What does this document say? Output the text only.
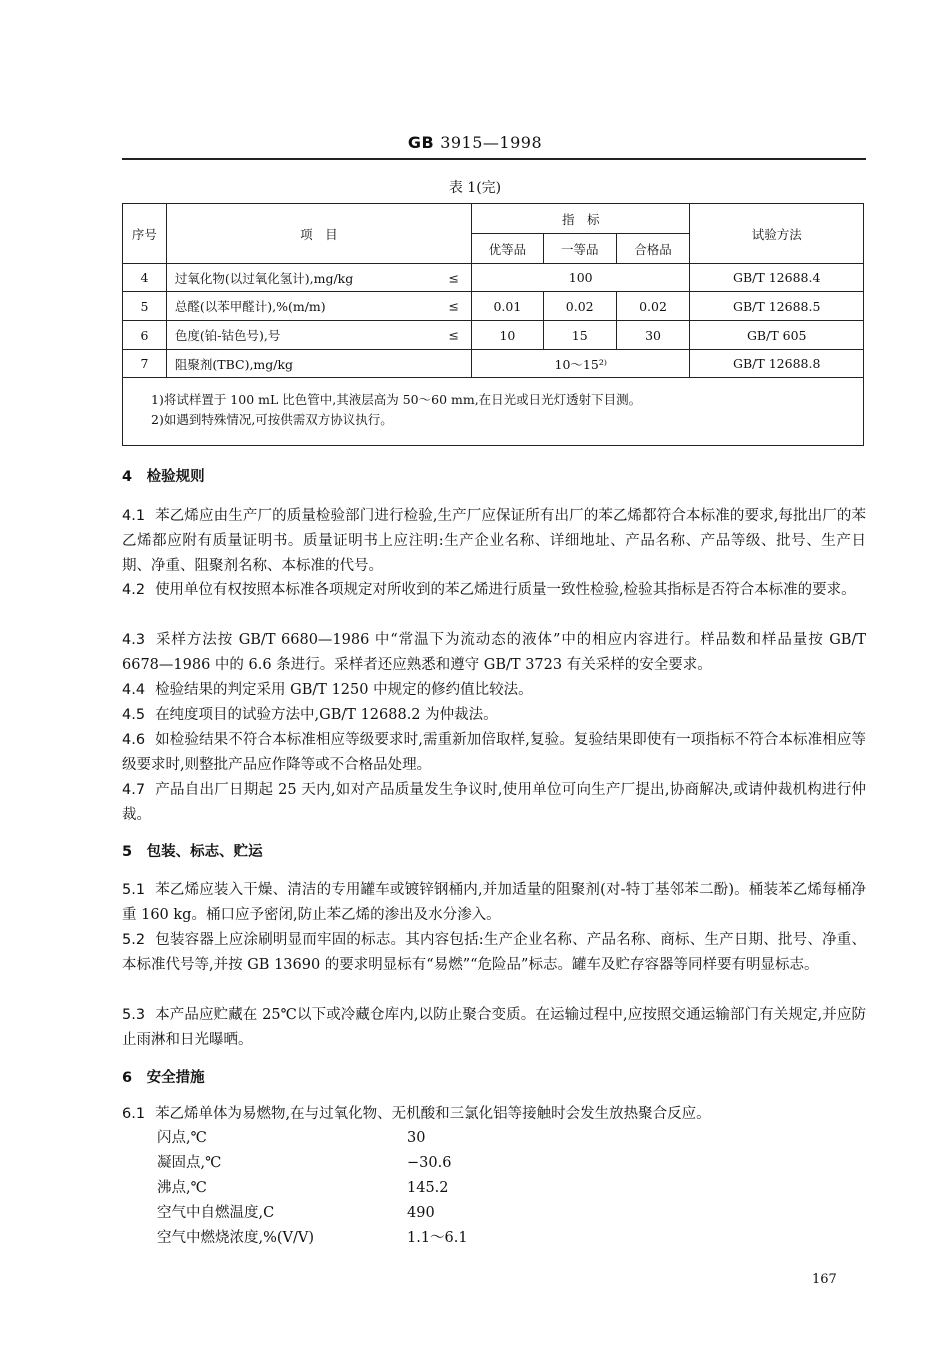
GB 3915—1998
表 1(完)
序号	项　目	指　标			试验方法
		优等品	一等品	合格品	
4	过氧化物(以过氧化氢计),mg/kg ≤	100			GB/T 12688.4
5	总醛(以苯甲醛计),%(m/m) ≤	0.01	0.02	0.02	GB/T 12688.5
6	色度(铂-钴色号),号 ≤	10	15	30	GB/T 605
7	阻聚剂(TBC),mg/kg	10～15²⁾			GB/T 12688.8
1)将试样置于 100 mL 比色管中,其液层高为 50～60 mm,在日光或日光灯透射下目测。
2)如遇到特殊情况,可按供需双方协议执行。
4　检验规则
4.1 苯乙烯应由生产厂的质量检验部门进行检验,生产厂应保证所有出厂的苯乙烯都符合本标准的要求,每批出厂的苯乙烯都应附有质量证明书。质量证明书上应注明:生产企业名称、详细地址、产品名称、产品等级、批号、生产日期、净重、阻聚剂名称、本标准的代号。
4.2 使用单位有权按照本标准各项规定对所收到的苯乙烯进行质量一致性检验,检验其指标是否符合本标准的要求。
4.3 采样方法按 GB/T 6680—1986 中“常温下为流动态的液体”中的相应内容进行。样品数和样品量按 GB/T 6678—1986 中的 6.6 条进行。采样者还应熟悉和遵守 GB/T 3723 有关采样的安全要求。
4.4 检验结果的判定采用 GB/T 1250 中规定的修约值比较法。
4.5 在纯度项目的试验方法中,GB/T 12688.2 为仲裁法。
4.6 如检验结果不符合本标准相应等级要求时,需重新加倍取样,复验。复验结果即使有一项指标不符合本标准相应等级要求时,则整批产品应作降等或不合格品处理。
4.7 产品自出厂日期起 25 天内,如对产品质量发生争议时,使用单位可向生产厂提出,协商解决,或请仲裁机构进行仲裁。
5　包装、标志、贮运
5.1 苯乙烯应装入干燥、清洁的专用罐车或镀锌钢桶内,并加适量的阻聚剂(对-特丁基邻苯二酚)。桶装苯乙烯每桶净重 160 kg。桶口应予密闭,防止苯乙烯的渗出及水分渗入。
5.2 包装容器上应涂刷明显而牢固的标志。其内容包括:生产企业名称、产品名称、商标、生产日期、批号、净重、本标准代号等,并按 GB 13690 的要求明显标有“易燃”“危险品”标志。罐车及贮存容器等同样要有明显标志。
5.3 本产品应贮藏在 25℃以下或冷藏仓库内,以防止聚合变质。在运输过程中,应按照交通运输部门有关规定,并应防止雨淋和日光曝晒。
6　安全措施
6.1 苯乙烯单体为易燃物,在与过氧化物、无机酸和三氯化铝等接触时会发生放热聚合反应。
闪点,℃	30
凝固点,℃	−30.6
沸点,℃	145.2
空气中自燃温度,C	490
空气中燃烧浓度,%(V/V)	1.1～6.1
167
